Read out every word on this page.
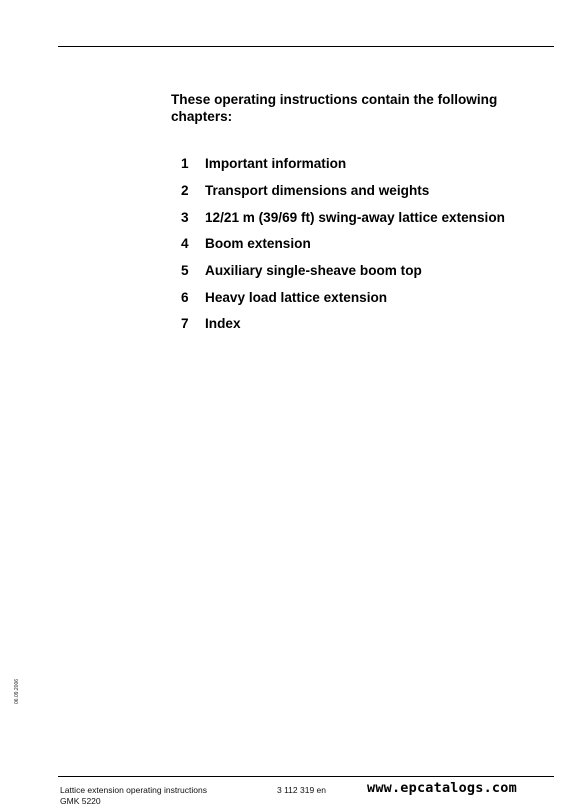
These operating instructions contain the following chapters:
1 Important information
2 Transport dimensions and weights
3 12/21 m (39/69 ft) swing-away lattice extension
4 Boom extension
5 Auxiliary single-sheave boom top
6 Heavy load lattice extension
7 Index
06.09.2006
Lattice extension operating instructions
GMK 5220
3 112 319 en	www.epcatalogs.com
